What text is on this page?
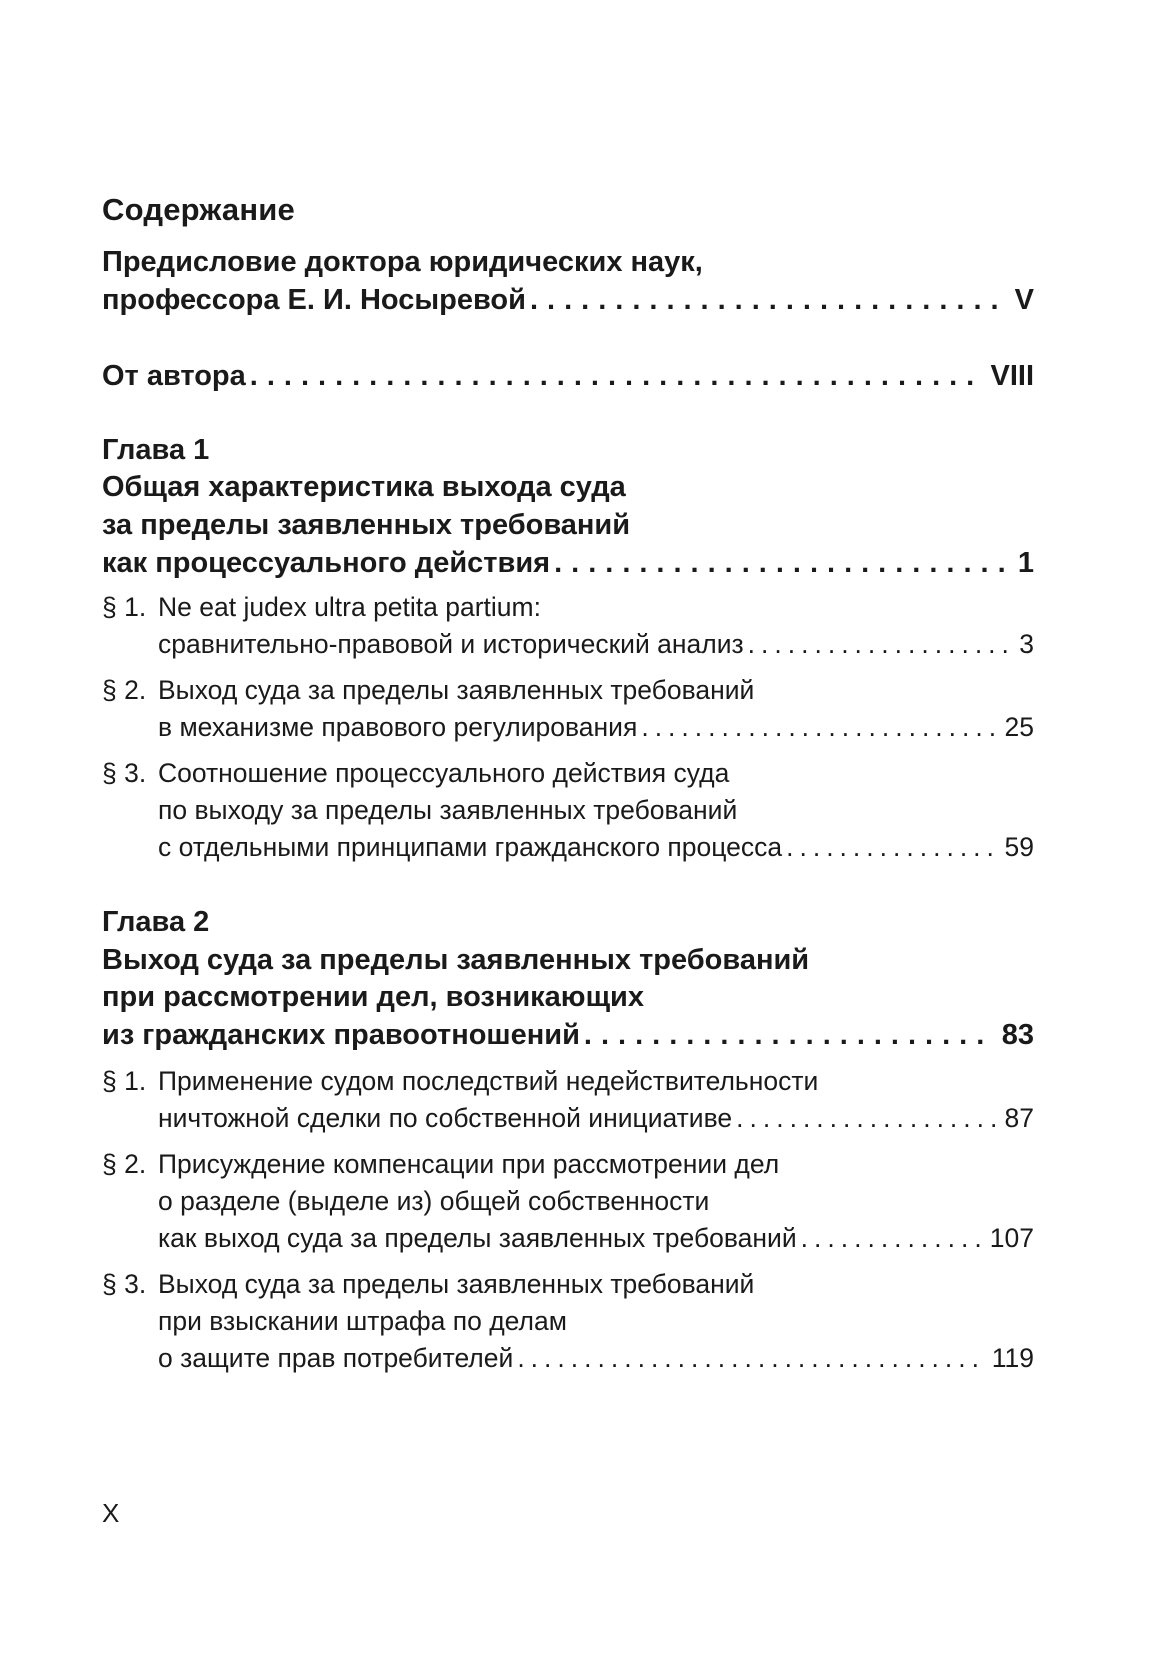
Содержание
Предисловие доктора юридических наук,
профессора Е. И. Носыревой .....	V
От автора .....	VIII
Глава 1
Общая характеристика выхода суда
за пределы заявленных требований
как процессуального действия .....	1
§ 1. Ne eat judex ultra petita partium:
сравнительно-правовой и исторический анализ .....	3
§ 2. Выход суда за пределы заявленных требований
в механизме правового регулирования .....	25
§ 3. Соотношение процессуального действия суда
по выходу за пределы заявленных требований
с отдельными принципами гражданского процесса .....	59
Глава 2
Выход суда за пределы заявленных требований
при рассмотрении дел, возникающих
из гражданских правоотношений .....	83
§ 1. Применение судом последствий недействительности
ничтожной сделки по собственной инициативе .....	87
§ 2. Присуждение компенсации при рассмотрении дел
о разделе (выделе из) общей собственности
как выход суда за пределы заявленных требований .....	107
§ 3. Выход суда за пределы заявленных требований
при взыскании штрафа по делам
о защите прав потребителей .....	119
X
